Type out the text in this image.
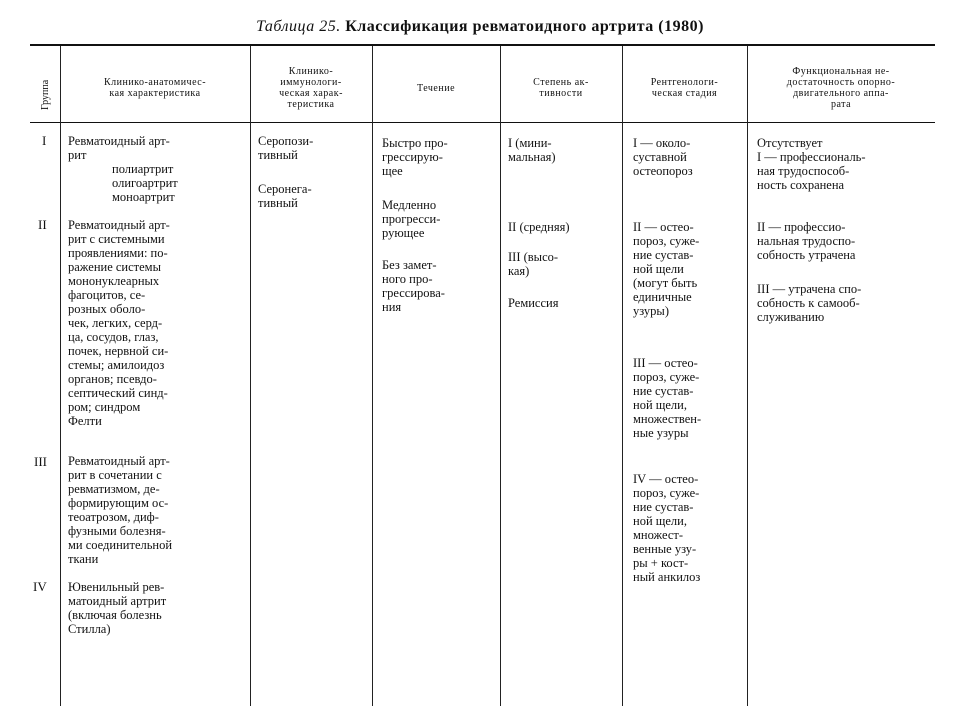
Таблица 25. Классификация ревматоидного артрита (1980)
Группа	Клинико-анатомичес-
кая характеристика
Клинико-
иммунологи-
ческая харак-
теристика
Течение	Степень ак-
тивности
Рентгенологи-
ческая стадия
Функциональная не-
достаточность опорно-
двигательного аппа-
рата
I
II
III
IV
Ревматоидный арт-
рит
полиартрит
олигоартрит
моноартрит
Ревматоидный арт-
рит с системными
проявлениями: по-
ражение системы
мононуклеарных
фагоцитов, се-
розных оболо-
чек, легких, серд-
ца, сосудов, глаз,
почек, нервной си-
стемы; амилоидоз
органов; псевдо-
септический синд-
ром; синдром
Фелти
Ревматоидный арт-
рит в сочетании с
ревматизмом, де-
формирующим ос-
теоатрозом, диф-
фузными болезня-
ми соединительной
ткани
Ювенильный рев-
матоидный артрит
(включая болезнь
Стилла)
Серопози-
тивный
Серонега-
тивный
Быстро про-
грессирую-
щее
Медленно
прогресси-
рующее
Без замет-
ного про-
грессирова-
ния
I (мини-
мальная)
II (средняя)
III (высо-
кая)
Ремиссия
I — около-
суставной
остеопороз
II — остео-
пороз, суже-
ние сустав-
ной щели
(могут быть
единичные
узуры)
III — остео-
пороз, суже-
ние сустав-
ной щели,
множествен-
ные узуры
IV — остео-
пороз, суже-
ние сустав-
ной щели,
множест-
венные узу-
ры + кост-
ный анкилоз
Отсутствует
I — профессиональ-
ная трудоспособ-
ность сохранена
II — профессио-
нальная трудоспо-
собность утрачена
III — утрачена спо-
собность к самооб-
служиванию
